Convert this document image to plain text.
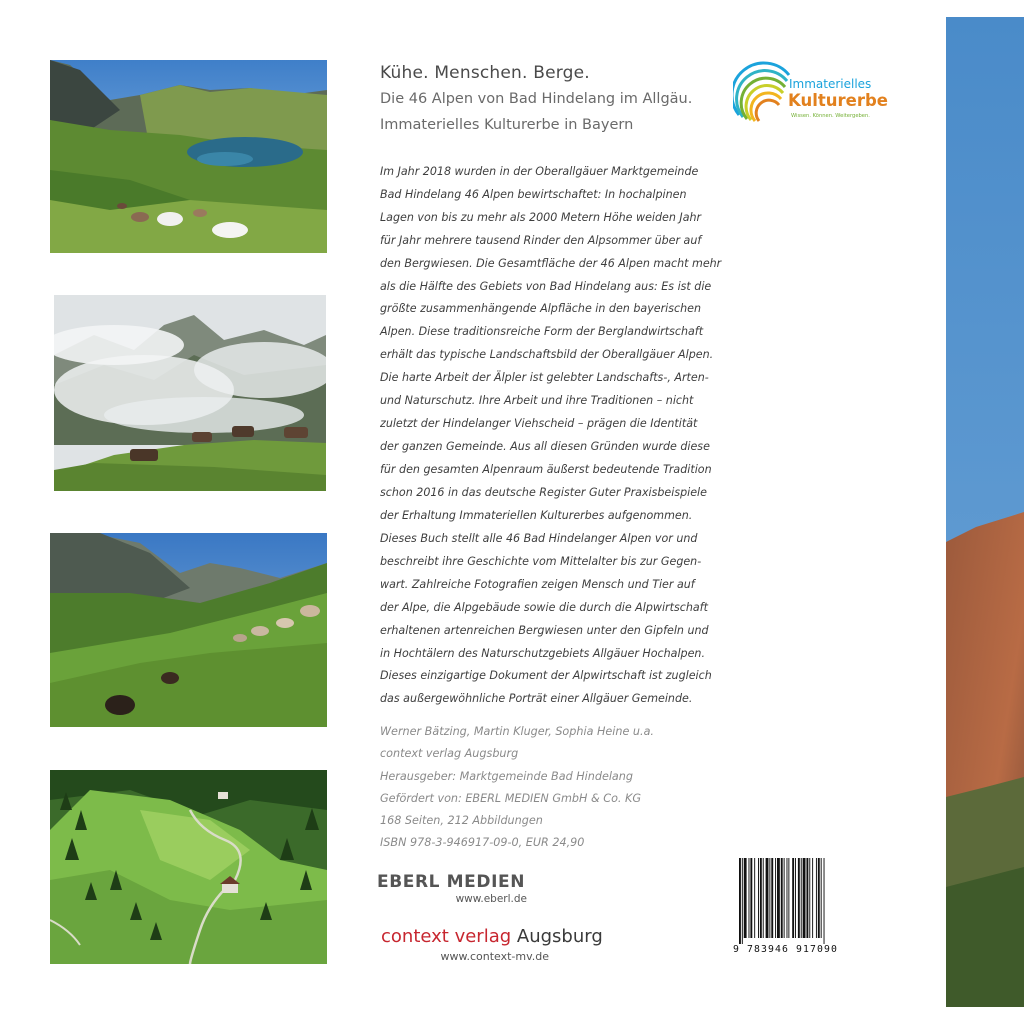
Kühe. Menschen. Berge.
Die 46 Alpen von Bad Hindelang im Allgäu.
Immaterielles Kulturerbe in Bayern
Im Jahr 2018 wurden in der Oberallgäuer Marktgemeinde
Bad Hindelang 46 Alpen bewirtschaftet: In hochalpinen
Lagen von bis zu mehr als 2000 Metern Höhe weiden Jahr
für Jahr mehrere tausend Rinder den Alpsommer über auf
den Bergwiesen. Die Gesamtfläche der 46 Alpen macht mehr
als die Hälfte des Gebiets von Bad Hindelang aus: Es ist die
größte zusammenhängende Alpfläche in den bayerischen
Alpen. Diese traditionsreiche Form der Berglandwirtschaft
erhält das typische Landschaftsbild der Oberallgäuer Alpen.
Die harte Arbeit der Älpler ist gelebter Landschafts-, Arten-
und Naturschutz. Ihre Arbeit und ihre Traditionen – nicht
zuletzt der Hindelanger Viehscheid – prägen die Identität
der ganzen Gemeinde. Aus all diesen Gründen wurde diese
für den gesamten Alpenraum äußerst bedeutende Tradition
schon 2016 in das deutsche Register Guter Praxisbeispiele
der Erhaltung Immateriellen Kulturerbes aufgenommen.
Dieses Buch stellt alle 46 Bad Hindelanger Alpen vor und
beschreibt ihre Geschichte vom Mittelalter bis zur Gegen-
wart. Zahlreiche Fotografien zeigen Mensch und Tier auf
der Alpe, die Alpgebäude sowie die durch die Alpwirtschaft
erhaltenen artenreichen Bergwiesen unter den Gipfeln und
in Hochtälern des Naturschutzgebiets Allgäuer Hochalpen.
Dieses einzigartige Dokument der Alpwirtschaft ist zugleich
das außergewöhnliche Porträt einer Allgäuer Gemeinde.
Werner Bätzing, Martin Kluger, Sophia Heine u.a.
context verlag Augsburg
Herausgeber: Marktgemeinde Bad Hindelang
Gefördert von: EBERL MEDIEN GmbH & Co. KG
168 Seiten, 212 Abbildungen
ISBN 978-3-946917-09-0, EUR 24,90
EBERL MEDIEN
www.eberl.de
context verlag Augsburg
www.context-mv.de
Immaterielles
Kulturerbe
Wissen. Können. Weitergeben.
9 783946 917090
